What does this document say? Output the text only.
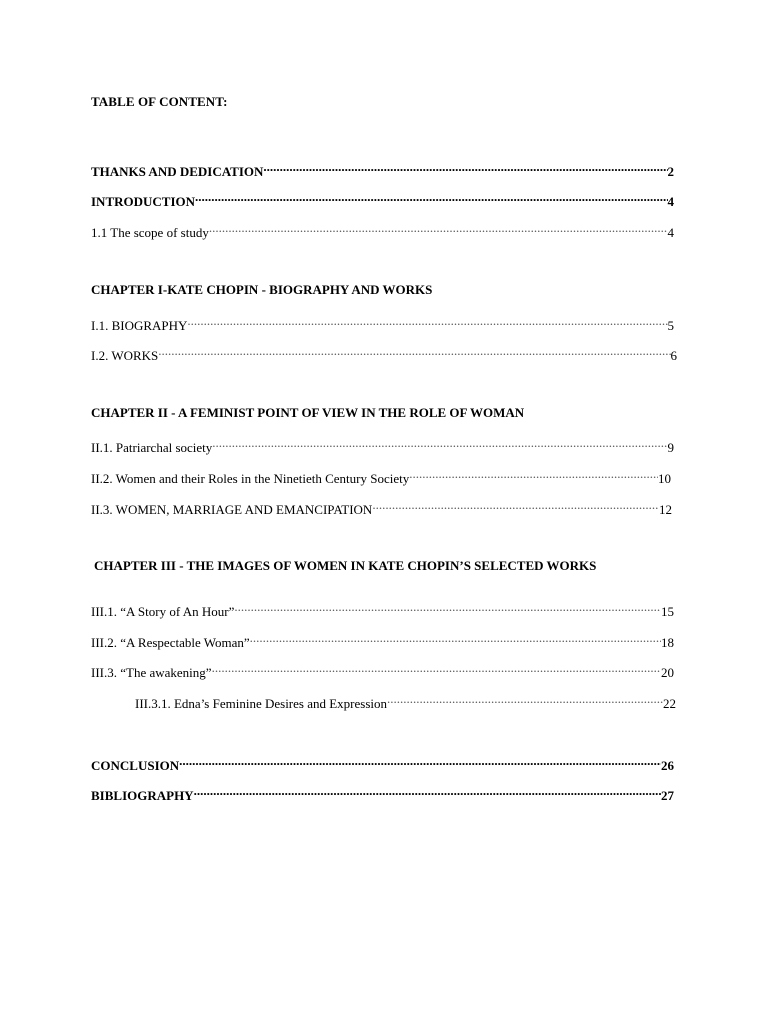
TABLE OF CONTENT:
THANKS AND DEDICATION .....	2
INTRODUCTION .....	4
1.1 The scope of study .....	4
CHAPTER I-KATE CHOPIN - BIOGRAPHY AND WORKS
I.1. BIOGRAPHY .....	5
I.2. WORKS .....	6
CHAPTER II - A FEMINIST POINT OF VIEW IN THE ROLE OF WOMAN
II.1. Patriarchal society .....	9
II.2. Women and their Roles in the Ninetieth Century Society .....	10
II.3. WOMEN, MARRIAGE AND EMANCIPATION .....	12
CHAPTER III - THE IMAGES OF WOMEN IN KATE CHOPIN’S SELECTED WORKS
III.1. “A Story of An Hour” .....	15
III.2. “A Respectable Woman” .....	18
III.3. “The awakening” .....	20
III.3.1. Edna’s Feminine Desires and Expression .....	22
CONCLUSION .....	26
BIBLIOGRAPHY .....	27
